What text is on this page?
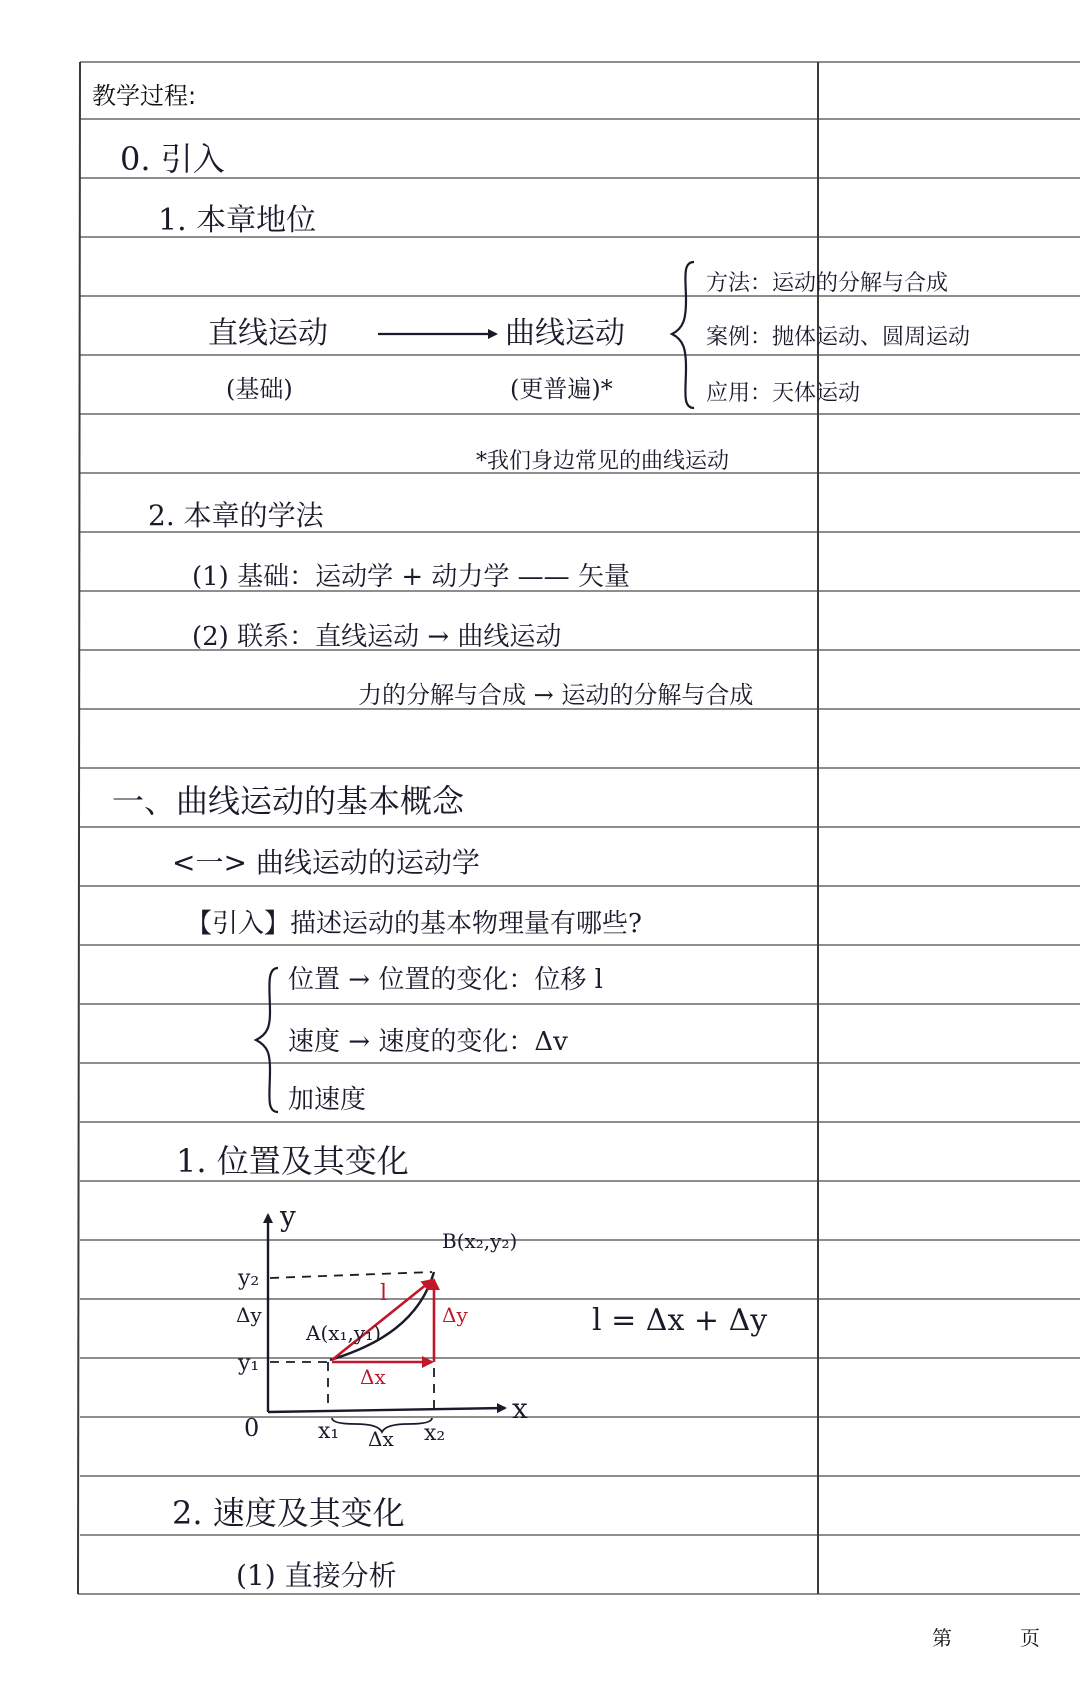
教学过程:
0. 引入
1. 本章地位
直线运动	曲线运动
(基础)	(更普遍)*
方法：运动的分解与合成
案例：抛体运动、圆周运动
应用：天体运动
*我们身边常见的曲线运动
2. 本章的学法
(1) 基础：运动学 + 动力学 —— 矢量
(2) 联系：直线运动 → 曲线运动
力的分解与合成 → 运动的分解与合成
一、曲线运动的基本概念
<一> 曲线运动的运动学
【引入】描述运动的基本物理量有哪些?
位置 → 位置的变化：位移 l
速度 → 速度的变化：Δv
加速度
1. 位置及其变化
2. 速度及其变化
(1) 直接分析
y
x
0
y₂
Δy
y₁
x₁ Δx x₂
A(x₁,y₁)
B(x₂,y₂)
l = Δx + Δy
l
Δx
Δy
第	页
